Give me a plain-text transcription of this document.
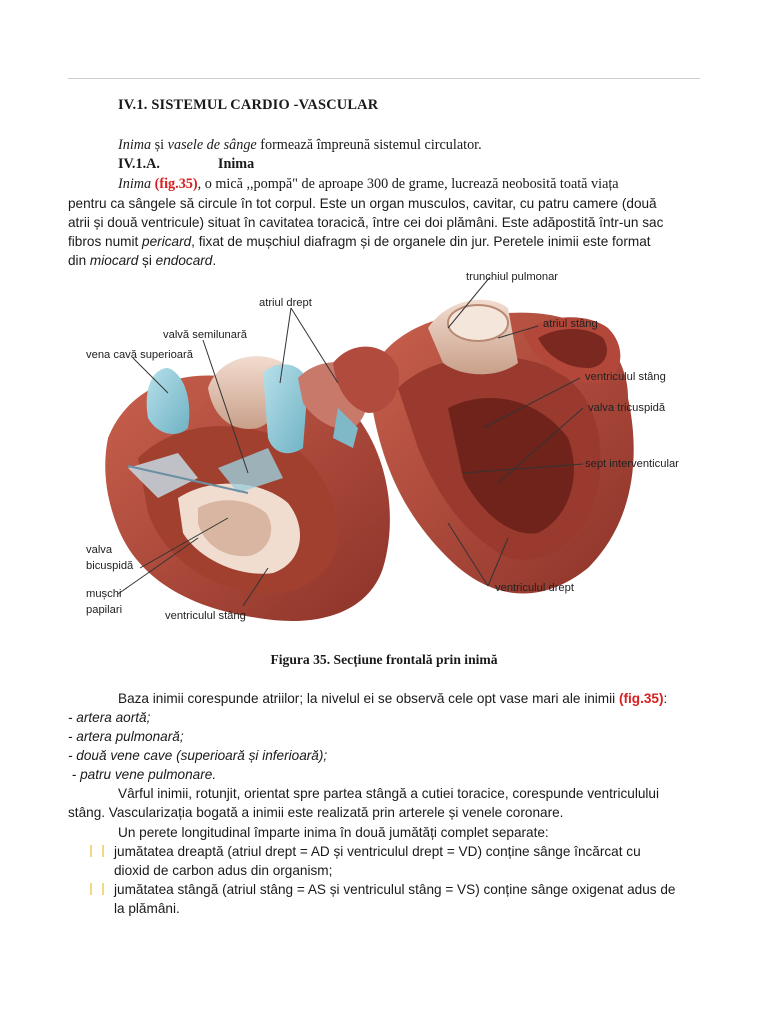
IV.1. SISTEMUL CARDIO -VASCULAR
Inima și vasele de sânge formează împreună sistemul circulator.
IV.1.A.	Inima
Inima (fig.35), o mică ,,pompă" de aproape 300 de grame, lucrează neobosită toată viața
pentru ca sângele să circule în tot corpul. Este un organ musculos, cavitar, cu patru camere (două
atrii și două ventricule) situat în cavitatea toracică, între cei doi plămâni. Este adăpostită într-un sac
fibros numit pericard, fixat de mușchiul diafragm și de organele din jur. Peretele inimii este format
din miocard și endocard.
trunchiul pulmonar
atriul drept
atriul stâng
valvă semilunară
vena cavă superioară
ventriculul stâng
valva tricuspidă
sept interventicular
valva
bicuspidă
mușchi
papilari	ventriculul stâng
ventriculul drept
Figura 35. Secțiune frontală prin inimă
Baza inimii corespunde atriilor; la nivelul ei se observă cele opt vase mari ale inimii (fig.35):
- artera aortă;
- artera pulmonară;
- două vene cave (superioară și inferioară);
- patru vene pulmonare.
Vârful inimii, rotunjit, orientat spre partea stângă a cutiei toracice, corespunde ventriculului
stâng. Vascularizația bogată a inimii este realizată prin arterele și venele coronare.
Un perete longitudinal împarte inima în două jumătăți complet separate:
jumătatea dreaptă (atriul drept = AD și ventriculul drept = VD) conține sânge încărcat cu
dioxid de carbon adus din organism;
jumătatea stângă (atriul stâng = AS și ventriculul stâng = VS) conține sânge oxigenat adus de
la plămâni.
